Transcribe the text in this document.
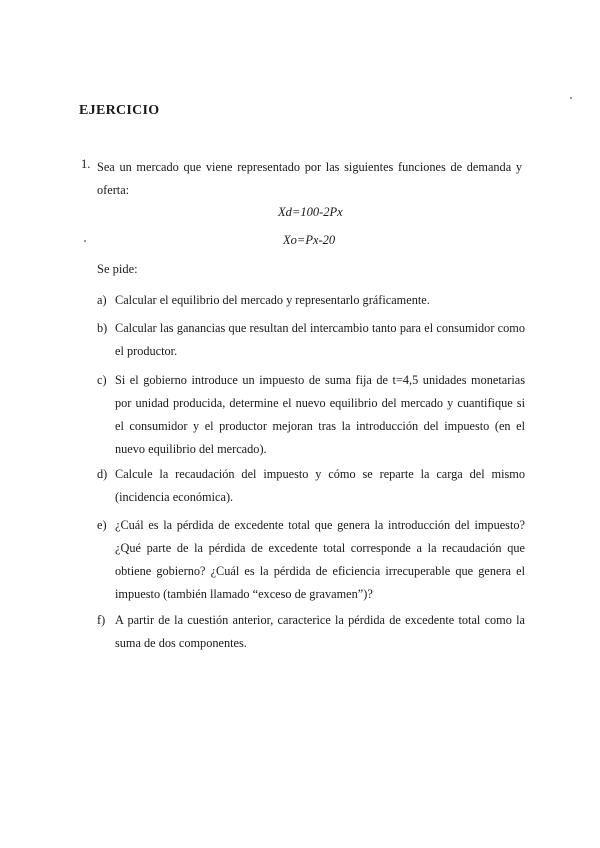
EJERCICIO
1. Sea un mercado que viene representado por las siguientes funciones de demanda y oferta:
Xd=100-2Px
Xo=Px-20
Se pide:
a) Calcular el equilibrio del mercado y representarlo gráficamente.
b) Calcular las ganancias que resultan del intercambio tanto para el consumidor como el productor.
c) Si el gobierno introduce un impuesto de suma fija de t=4,5 unidades monetarias por unidad producida, determine el nuevo equilibrio del mercado y cuantifique si el consumidor y el productor mejoran tras la introducción del impuesto (en el nuevo equilibrio del mercado).
d) Calcule la recaudación del impuesto y cómo se reparte la carga del mismo (incidencia económica).
e) ¿Cuál es la pérdida de excedente total que genera la introducción del impuesto? ¿Qué parte de la pérdida de excedente total corresponde a la recaudación que obtiene gobierno? ¿Cuál es la pérdida de eficiencia irrecuperable que genera el impuesto (también llamado “exceso de gravamen”)?
f) A partir de la cuestión anterior, caracterice la pérdida de excedente total como la suma de dos componentes.
